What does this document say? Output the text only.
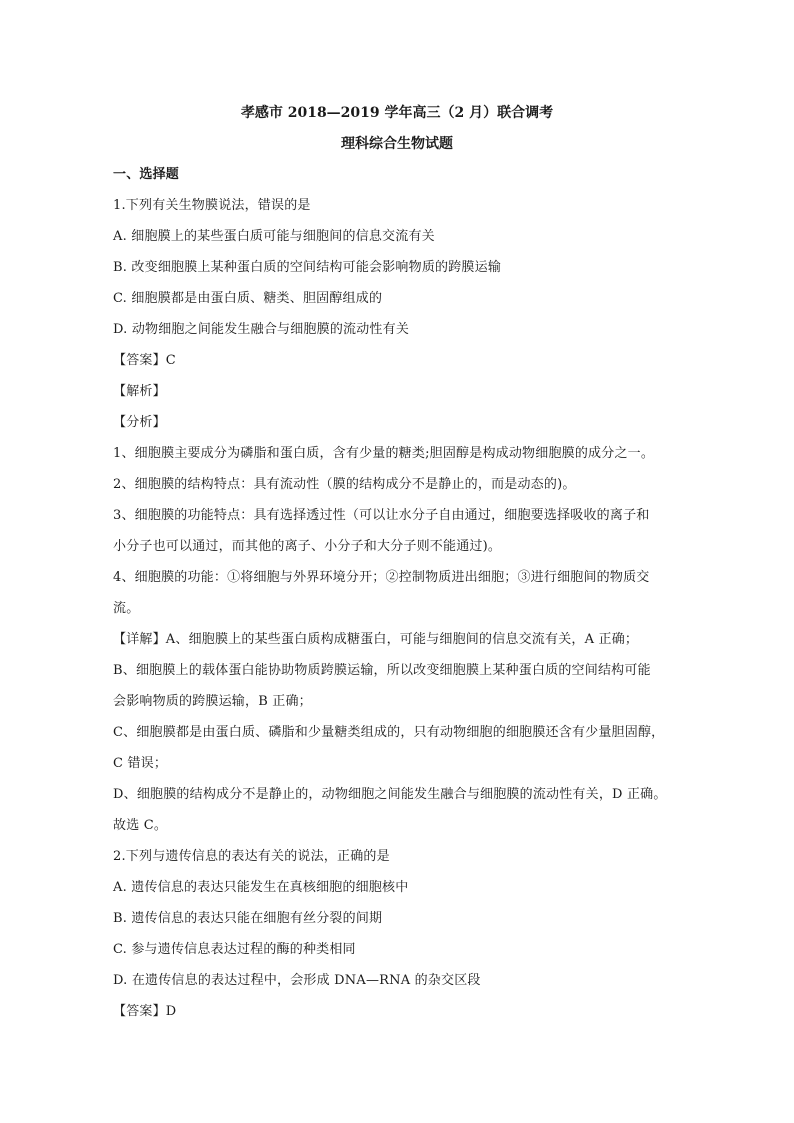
孝感市 2018—2019 学年高三（2 月）联合调考
理科综合生物试题
一、选择题
1.下列有关生物膜说法，错误的是
A. 细胞膜上的某些蛋白质可能与细胞间的信息交流有关
B. 改变细胞膜上某种蛋白质的空间结构可能会影响物质的跨膜运输
C. 细胞膜都是由蛋白质、糖类、胆固醇组成的
D. 动物细胞之间能发生融合与细胞膜的流动性有关
【答案】C
【解析】
【分析】
1、细胞膜主要成分为磷脂和蛋白质，含有少量的糖类;胆固醇是构成动物细胞膜的成分之一。
2、细胞膜的结构特点：具有流动性（膜的结构成分不是静止的，而是动态的)。
3、细胞膜的功能特点：具有选择透过性（可以让水分子自由通过，细胞要选择吸收的离子和
小分子也可以通过，而其他的离子、小分子和大分子则不能通过)。
4、细胞膜的功能：①将细胞与外界环境分开；②控制物质进出细胞；③进行细胞间的物质交
流。
【详解】A、细胞膜上的某些蛋白质构成糖蛋白，可能与细胞间的信息交流有关，A 正确；
B、细胞膜上的载体蛋白能协助物质跨膜运输，所以改变细胞膜上某种蛋白质的空间结构可能
会影响物质的跨膜运输，B 正确；
C、细胞膜都是由蛋白质、磷脂和少量糖类组成的，只有动物细胞的细胞膜还含有少量胆固醇，
C 错误；
D、细胞膜的结构成分不是静止的，动物细胞之间能发生融合与细胞膜的流动性有关，D 正确。
故选 C。
2.下列与遗传信息的表达有关的说法，正确的是
A. 遗传信息的表达只能发生在真核细胞的细胞核中
B. 遗传信息的表达只能在细胞有丝分裂的间期
C. 参与遗传信息表达过程的酶的种类相同
D. 在遗传信息的表达过程中，会形成 DNA—RNA 的杂交区段
【答案】D
